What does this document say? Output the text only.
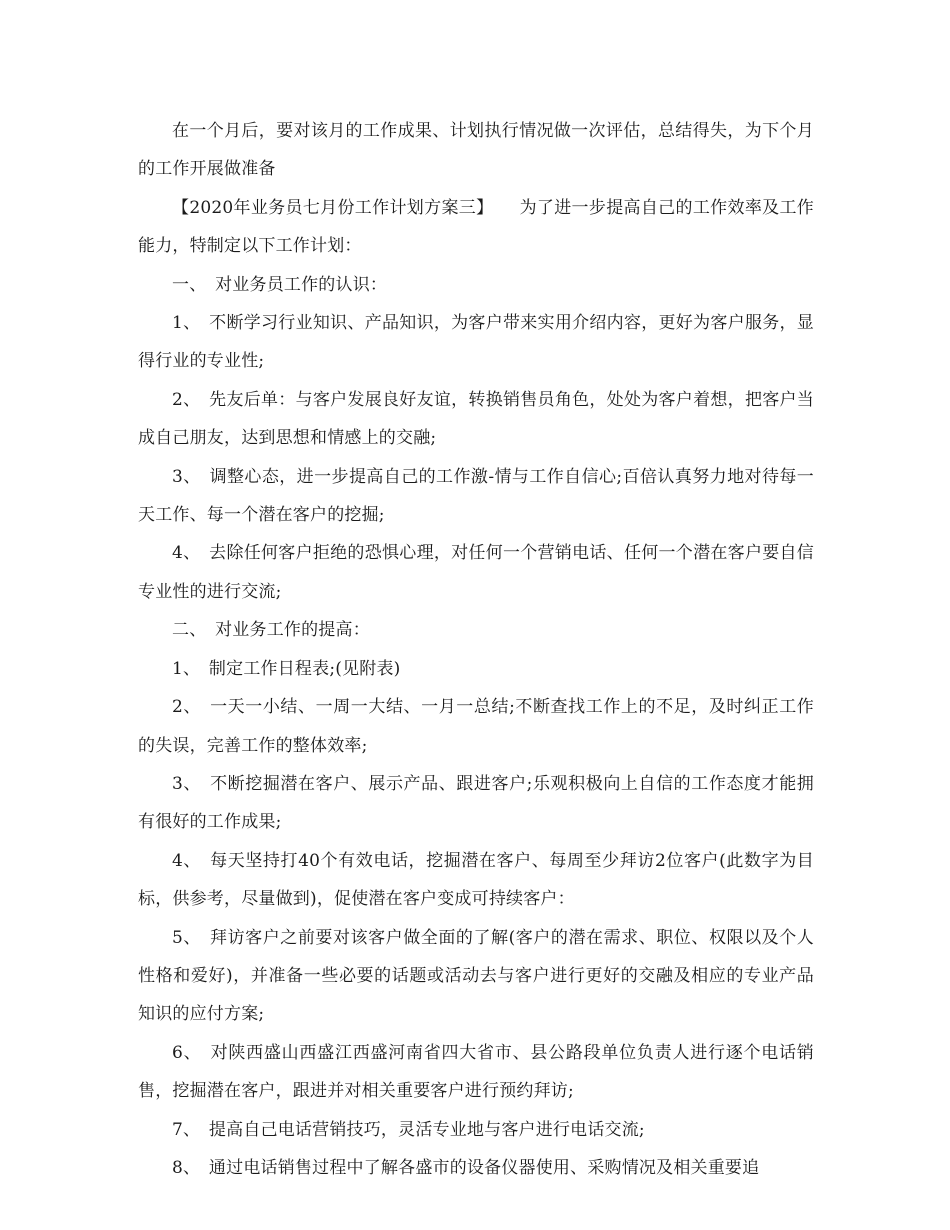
在一个月后，要对该月的工作成果、计划执行情况做一次评估，总结得失，为下个月的工作开展做准备

【2020年业务员七月份工作计划方案三】　　为了进一步提高自己的工作效率及工作能力，特制定以下工作计划：

一、　对业务员工作的认识：

1、　不断学习行业知识、产品知识，为客户带来实用介绍内容，更好为客户服务，显得行业的专业性;

2、　先友后单：与客户发展良好友谊，转换销售员角色，处处为客户着想，把客户当成自己朋友，达到思想和情感上的交融;

3、　调整心态，进一步提高自己的工作激-情与工作自信心;百倍认真努力地对待每一天工作、每一个潜在客户的挖掘;

4、　去除任何客户拒绝的恐惧心理，对任何一个营销电话、任何一个潜在客户要自信专业性的进行交流;

二、　对业务工作的提高：

1、　制定工作日程表;(见附表)

2、　一天一小结、一周一大结、一月一总结;不断查找工作上的不足，及时纠正工作的失误，完善工作的整体效率;

3、　不断挖掘潜在客户、展示产品、跟进客户;乐观积极向上自信的工作态度才能拥有很好的工作成果;

4、　每天坚持打40个有效电话，挖掘潜在客户、每周至少拜访2位客户(此数字为目标，供参考，尽量做到)，促使潜在客户变成可持续客户：

5、　拜访客户之前要对该客户做全面的了解(客户的潜在需求、职位、权限以及个人性格和爱好)，并准备一些必要的话题或活动去与客户进行更好的交融及相应的专业产品知识的应付方案;

6、　对陕西盛山西盛江西盛河南省四大省市、县公路段单位负责人进行逐个电话销售，挖掘潜在客户，跟进并对相关重要客户进行预约拜访;

7、　提高自己电话营销技巧，灵活专业地与客户进行电话交流;

8、　通过电话销售过程中了解各盛市的设备仪器使用、采购情况及相关重要追
